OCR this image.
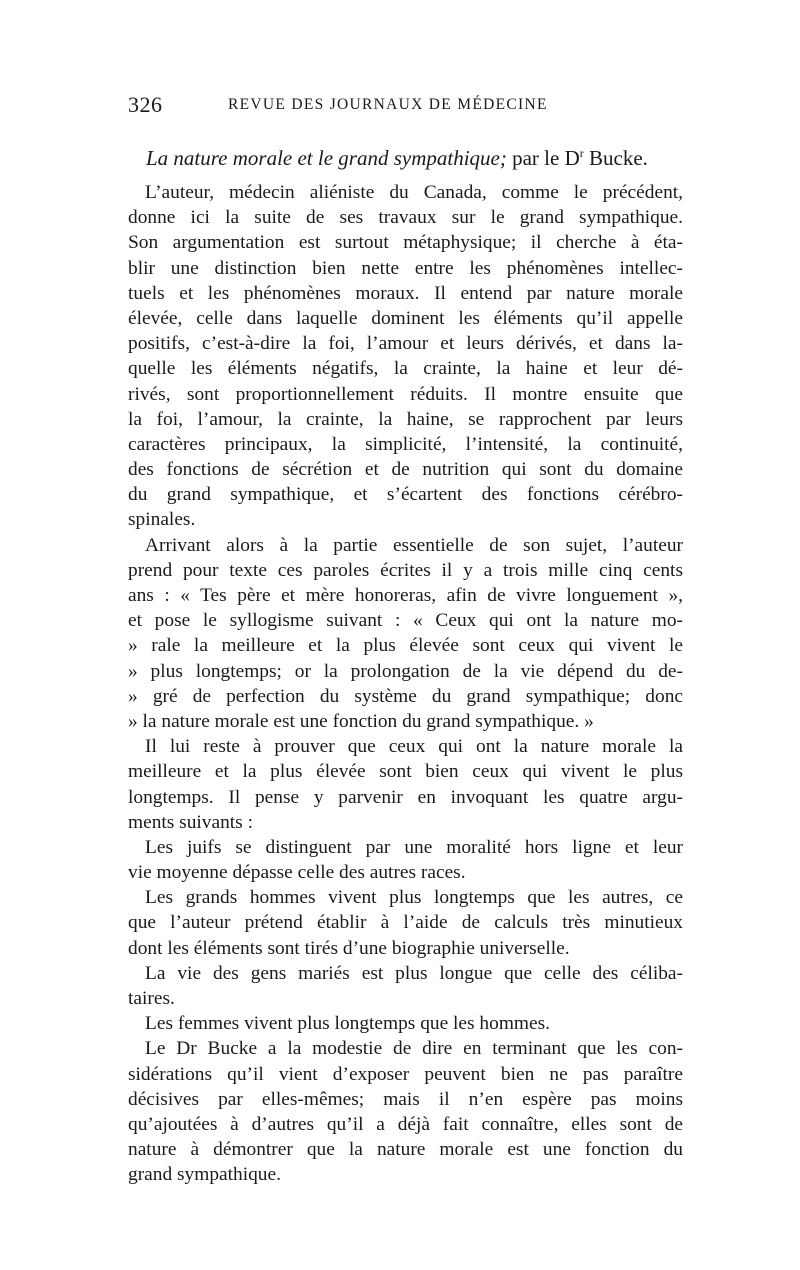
326	REVUE DES JOURNAUX DE MÉDECINE
La nature morale et le grand sympathique; par le $D^r$ Bucke.
L’auteur, médecin aliéniste du Canada, comme le précédent,
donne ici la suite de ses travaux sur le grand sympathique.
Son argumentation est surtout métaphysique; il cherche à éta-
blir une distinction bien nette entre les phénomènes intellec-
tuels et les phénomènes moraux. Il entend par nature morale
élevée, celle dans laquelle dominent les éléments qu’il appelle
positifs, c’est-à-dire la foi, l’amour et leurs dérivés, et dans la-
quelle les éléments négatifs, la crainte, la haine et leur dé-
rivés, sont proportionnellement réduits. Il montre ensuite que
la foi, l’amour, la crainte, la haine, se rapprochent par leurs
caractères principaux, la simplicité, l’intensité, la continuité,
des fonctions de sécrétion et de nutrition qui sont du domaine
du grand sympathique, et s’écartent des fonctions cérébro-
spinales.
Arrivant alors à la partie essentielle de son sujet, l’auteur
prend pour texte ces paroles écrites il y a trois mille cinq cents
ans : « Tes père et mère honoreras, afin de vivre longuement »,
et pose le syllogisme suivant : « Ceux qui ont la nature mo-
» rale la meilleure et la plus élevée sont ceux qui vivent le
» plus longtemps; or la prolongation de la vie dépend du de-
» gré de perfection du système du grand sympathique; donc
» la nature morale est une fonction du grand sympathique. »
Il lui reste à prouver que ceux qui ont la nature morale la
meilleure et la plus élevée sont bien ceux qui vivent le plus
longtemps. Il pense y parvenir en invoquant les quatre argu-
ments suivants :
Les juifs se distinguent par une moralité hors ligne et leur
vie moyenne dépasse celle des autres races.
Les grands hommes vivent plus longtemps que les autres, ce
que l’auteur prétend établir à l’aide de calculs très minutieux
dont les éléments sont tirés d’une biographie universelle.
La vie des gens mariés est plus longue que celle des céliba-
taires.
Les femmes vivent plus longtemps que les hommes.
Le Dr Bucke a la modestie de dire en terminant que les con-
sidérations qu’il vient d’exposer peuvent bien ne pas paraître
décisives par elles-mêmes; mais il n’en espère pas moins
qu’ajoutées à d’autres qu’il a déjà fait connaître, elles sont de
nature à démontrer que la nature morale est une fonction du
grand sympathique.
